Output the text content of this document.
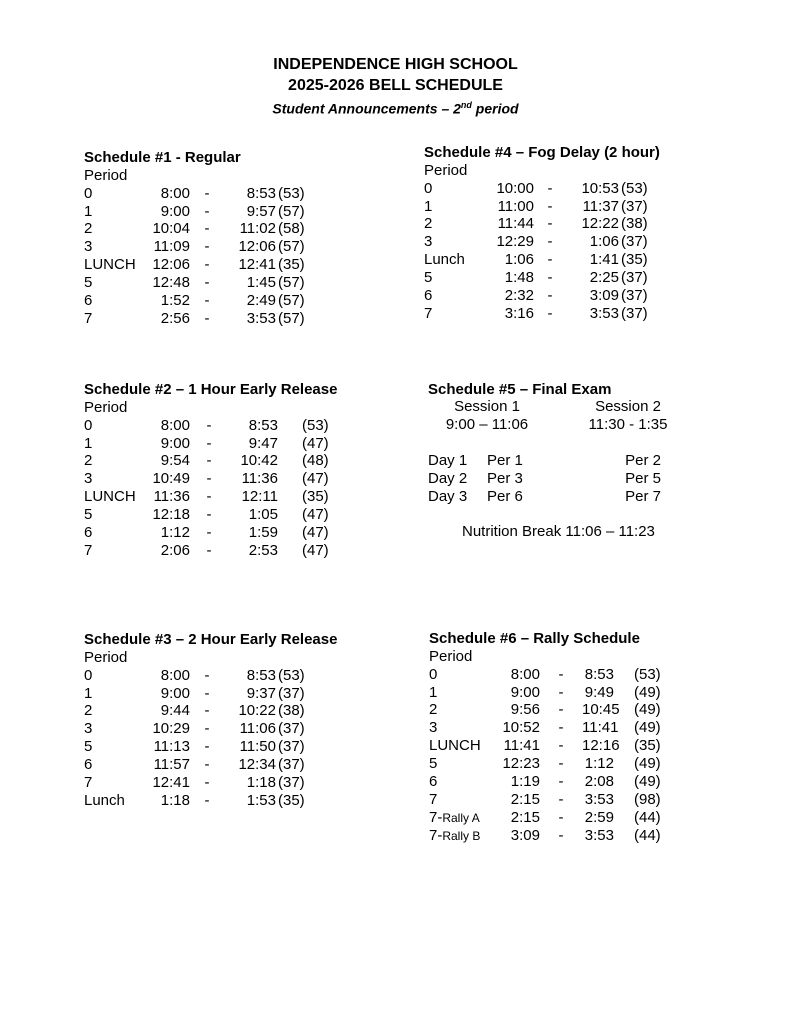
INDEPENDENCE HIGH SCHOOL
2025-2026 BELL SCHEDULE
Student Announcements – 2nd period
Schedule #1 - Regular
Period
0	8:00 -	8:53 (53)
1	9:00 -	9:57 (57)
2	10:04 -	11:02 (58)
3	11:09 -	12:06 (57)
LUNCH	12:06 -	12:41 (35)
5	12:48 -	1:45 (57)
6	1:52 -	2:49 (57)
7	2:56 -	3:53 (57)
Schedule #4 – Fog Delay (2 hour)
Period
0	10:00 -	10:53 (53)
1	11:00 -	11:37 (37)
2	11:44 -	12:22 (38)
3	12:29 -	1:06 (37)
Lunch	1:06 -	1:41 (35)
5	1:48 -	2:25 (37)
6	2:32 -	3:09 (37)
7	3:16 -	3:53 (37)
Schedule #2 – 1 Hour Early Release
Period
0	8:00	-	8:53	(53)
1	9:00	-	9:47	(47)
2	9:54	-	10:42	(48)
3	10:49	-	11:36	(47)
LUNCH	11:36	-	12:11	(35)
5	12:18	-	1:05	(47)
6	1:12	-	1:59	(47)
7	2:06	-	2:53	(47)
Schedule #3 – 2 Hour Early Release
Period
0	8:00 -	8:53 (53)
1	9:00 -	9:37 (37)
2	9:44 -	10:22 (38)
3	10:29 -	11:06 (37)
5	11:13 -	11:50 (37)
6	11:57 -	12:34 (37)
7	12:41 -	1:18 (37)
Lunch	1:18 -	1:53 (35)
Schedule #6 – Rally Schedule
Period
0	8:00	-	8:53	(53)
1	9:00	-	9:49	(49)
2	9:56	-	10:45 (49)
3	10:52	-	11:41	(49)
LUNCH	11:41	-	12:16 (35)
5	12:23	-	1:12	(49)
6	1:19	-	2:08	(49)
7	2:15	-	3:53	(98)
7-Rally A	2:15	-	2:59	(44)
7-Rally B	3:09	-	3:53	(44)
Schedule #5 – Final Exam
Session 1
9:00 – 11:06
Session 2
11:30 - 1:35
Day 1 Per 1	Per 2
Day 2 Per 3	Per 5
Day 3 Per 6	Per 7
Nutrition Break 11:06 – 11:23
